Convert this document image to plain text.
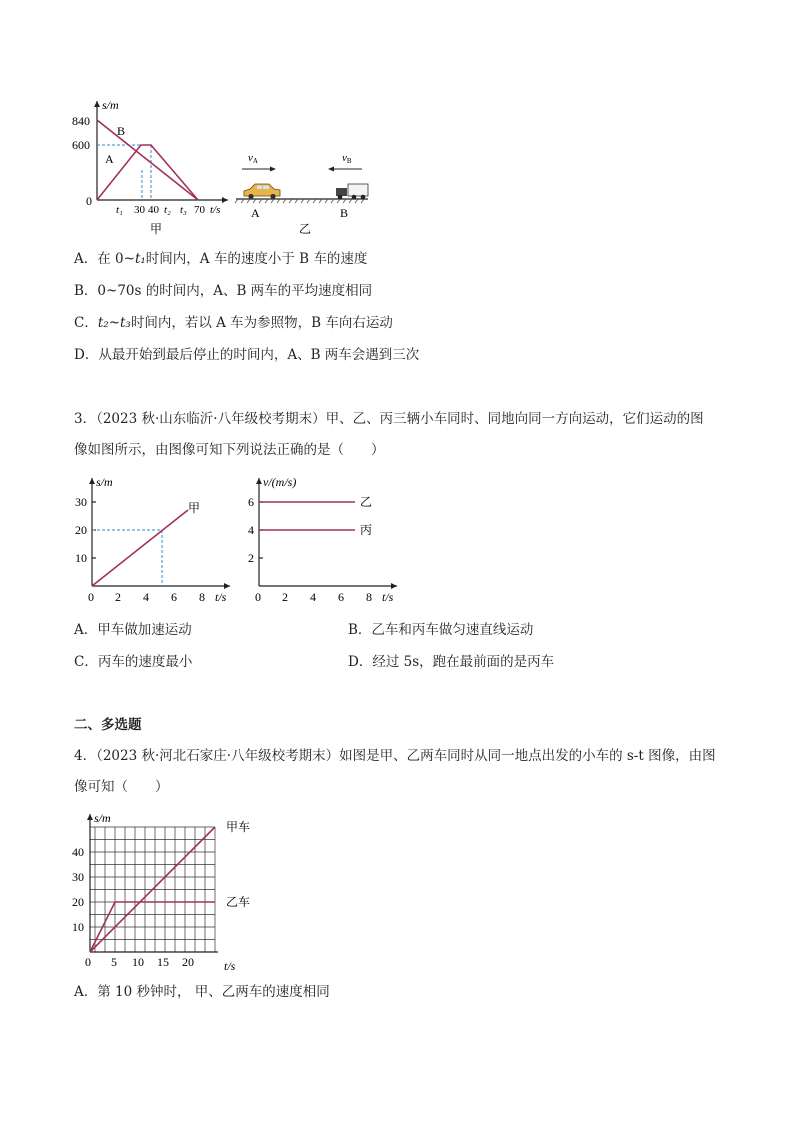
s/m
840
600
0
B
A
t₁ 30 40 t₂ t₃ 70 t/s
甲
vA	vB
A	B
乙
A．在 0~t₁时间内，A 车的速度小于 B 车的速度
B．0~70s 的时间内，A、B 两车的平均速度相同
C．t₂~t₃时间内，若以 A 车为参照物，B 车向右运动
D．从最开始到最后停止的时间内，A、B 两车会遇到三次
3．（2023 秋·山东临沂·八年级校考期末）甲、乙、丙三辆小车同时、同地向同一方向运动，它们运动的图
像如图所示，由图像可知下列说法正确的是（　　）
s/m
30
20
10
0 2 4 6 8 t/s
甲
v/(m/s)
6
4
2
0 2 4 6 8 t/s
乙
丙
A．甲车做加速运动	B．乙车和丙车做匀速直线运动
C．丙车的速度最小	D．经过 5s，跑在最前面的是丙车
二、多选题
4．（2023 秋·河北石家庄·八年级校考期末）如图是甲、乙两车同时从同一地点出发的小车的 s-t 图像，由图
像可知（　　）
s/m
40
30
20
10
0 5 10 15 20
甲车
乙车
t/s
A．第 10 秒钟时， 甲、乙两车的速度相同
